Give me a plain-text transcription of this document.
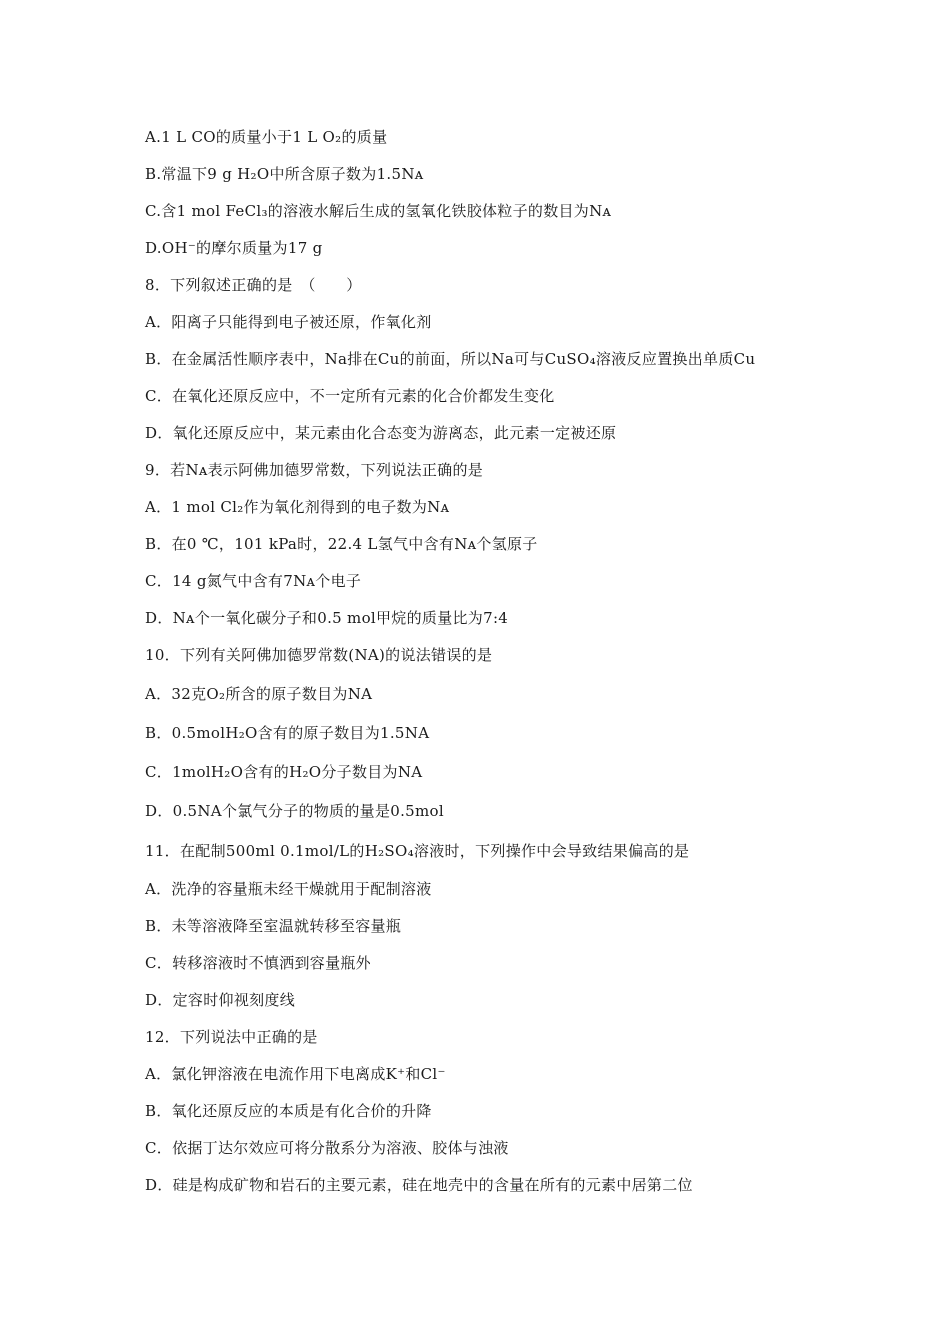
A.1 L CO的质量小于1 L O₂的质量
B.常温下9 g H₂O中所含原子数为1.5Nᴀ
C.含1 mol FeCl₃的溶液水解后生成的氢氧化铁胶体粒子的数目为Nᴀ
D.OH⁻的摩尔质量为17 g
8．下列叙述正确的是　（　　）
A．阳离子只能得到电子被还原，作氧化剂
B．在金属活性顺序表中，Na排在Cu的前面，所以Na可与CuSO₄溶液反应置换出单质Cu
C．在氧化还原反应中，不一定所有元素的化合价都发生变化
D．氧化还原反应中，某元素由化合态变为游离态，此元素一定被还原
9．若Nᴀ表示阿佛加德罗常数，下列说法正确的是
A．1 mol Cl₂作为氧化剂得到的电子数为Nᴀ
B．在0 ℃，101 kPa时，22.4 L氢气中含有Nᴀ个氢原子
C．14 g氮气中含有7Nᴀ个电子
D．Nᴀ个一氧化碳分子和0.5 mol甲烷的质量比为7:4
10．下列有关阿佛加德罗常数(NA)的说法错误的是
A．32克O₂所含的原子数目为NA
B．0.5molH₂O含有的原子数目为1.5NA
C．1molH₂O含有的H₂O分子数目为NA
D．0.5NA个氯气分子的物质的量是0.5mol
11．在配制500ml 0.1mol/L的H₂SO₄溶液时，下列操作中会导致结果偏高的是
A．洗净的容量瓶未经干燥就用于配制溶液
B．未等溶液降至室温就转移至容量瓶
C．转移溶液时不慎洒到容量瓶外
D．定容时仰视刻度线
12．下列说法中正确的是
A．氯化钾溶液在电流作用下电离成K⁺和Cl⁻
B．氧化还原反应的本质是有化合价的升降
C．依据丁达尔效应可将分散系分为溶液、胶体与浊液
D．硅是构成矿物和岩石的主要元素，硅在地壳中的含量在所有的元素中居第二位
